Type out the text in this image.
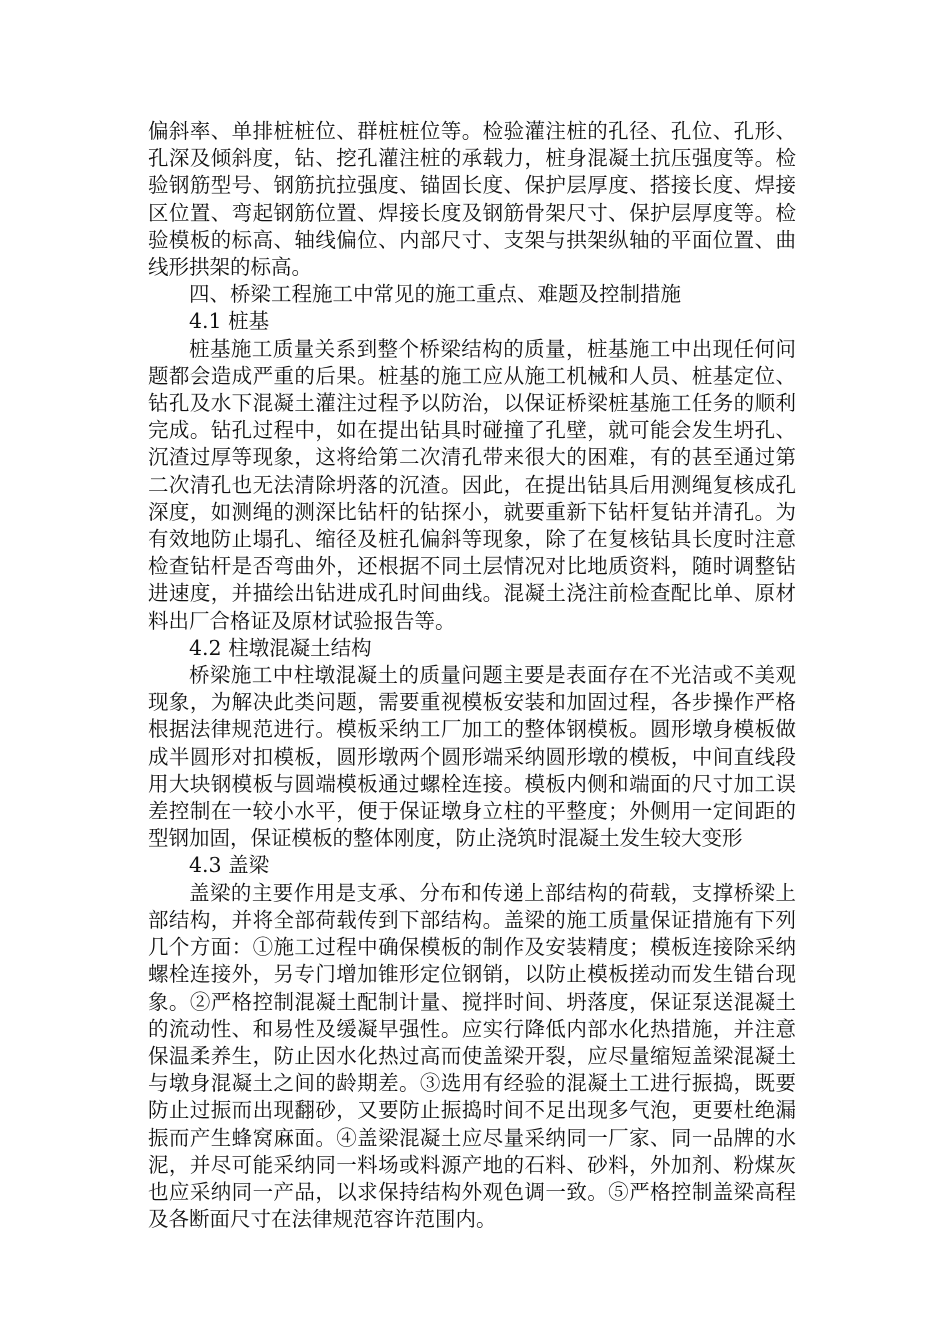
偏斜率、单排桩桩位、群桩桩位等。检验灌注桩的孔径、孔位、孔形、孔深及倾斜度，钻、挖孔灌注桩的承载力，桩身混凝土抗压强度等。检验钢筋型号、钢筋抗拉强度、锚固长度、保护层厚度、搭接长度、焊接区位置、弯起钢筋位置、焊接长度及钢筋骨架尺寸、保护层厚度等。检验模板的标高、轴线偏位、内部尺寸、支架与拱架纵轴的平面位置、曲线形拱架的标高。

四、桥梁工程施工中常见的施工重点、难题及控制措施

4.1 桩基

桩基施工质量关系到整个桥梁结构的质量，桩基施工中出现任何问题都会造成严重的后果。桩基的施工应从施工机械和人员、桩基定位、钻孔及水下混凝土灌注过程予以防治，以保证桥梁桩基施工任务的顺利完成。钻孔过程中，如在提出钻具时碰撞了孔壁，就可能会发生坍孔、沉渣过厚等现象，这将给第二次清孔带来很大的困难，有的甚至通过第二次清孔也无法清除坍落的沉渣。因此，在提出钻具后用测绳复核成孔深度，如测绳的测深比钻杆的钻探小，就要重新下钻杆复钻并清孔。为有效地防止塌孔、缩径及桩孔偏斜等现象，除了在复核钻具长度时注意检查钻杆是否弯曲外，还根据不同土层情况对比地质资料，随时调整钻进速度，并描绘出钻进成孔时间曲线。混凝土浇注前检查配比单、原材料出厂合格证及原材试验报告等。

4.2 柱墩混凝土结构

桥梁施工中柱墩混凝土的质量问题主要是表面存在不光洁或不美观现象，为解决此类问题，需要重视模板安装和加固过程，各步操作严格根据法律规范进行。模板采纳工厂加工的整体钢模板。圆形墩身模板做成半圆形对扣模板，圆形墩两个圆形端采纳圆形墩的模板，中间直线段用大块钢模板与圆端模板通过螺栓连接。模板内侧和端面的尺寸加工误差控制在一较小水平，便于保证墩身立柱的平整度；外侧用一定间距的型钢加固，保证模板的整体刚度，防止浇筑时混凝土发生较大变形

4.3 盖梁

盖梁的主要作用是支承、分布和传递上部结构的荷载，支撑桥梁上部结构，并将全部荷载传到下部结构。盖梁的施工质量保证措施有下列几个方面：①施工过程中确保模板的制作及安装精度；模板连接除采纳螺栓连接外，另专门增加锥形定位钢销，以防止模板搓动而发生错台现象。②严格控制混凝土配制计量、搅拌时间、坍落度，保证泵送混凝土的流动性、和易性及缓凝早强性。应实行降低内部水化热措施，并注意保温柔养生，防止因水化热过高而使盖梁开裂，应尽量缩短盖梁混凝土与墩身混凝土之间的龄期差。③选用有经验的混凝土工进行振捣，既要防止过振而出现翻砂，又要防止振捣时间不足出现多气泡，更要杜绝漏振而产生蜂窝麻面。④盖梁混凝土应尽量采纳同一厂家、同一品牌的水泥，并尽可能采纳同一料场或料源产地的石料、砂料，外加剂、粉煤灰也应采纳同一产品，以求保持结构外观色调一致。⑤严格控制盖梁高程及各断面尺寸在法律规范容许范围内。
